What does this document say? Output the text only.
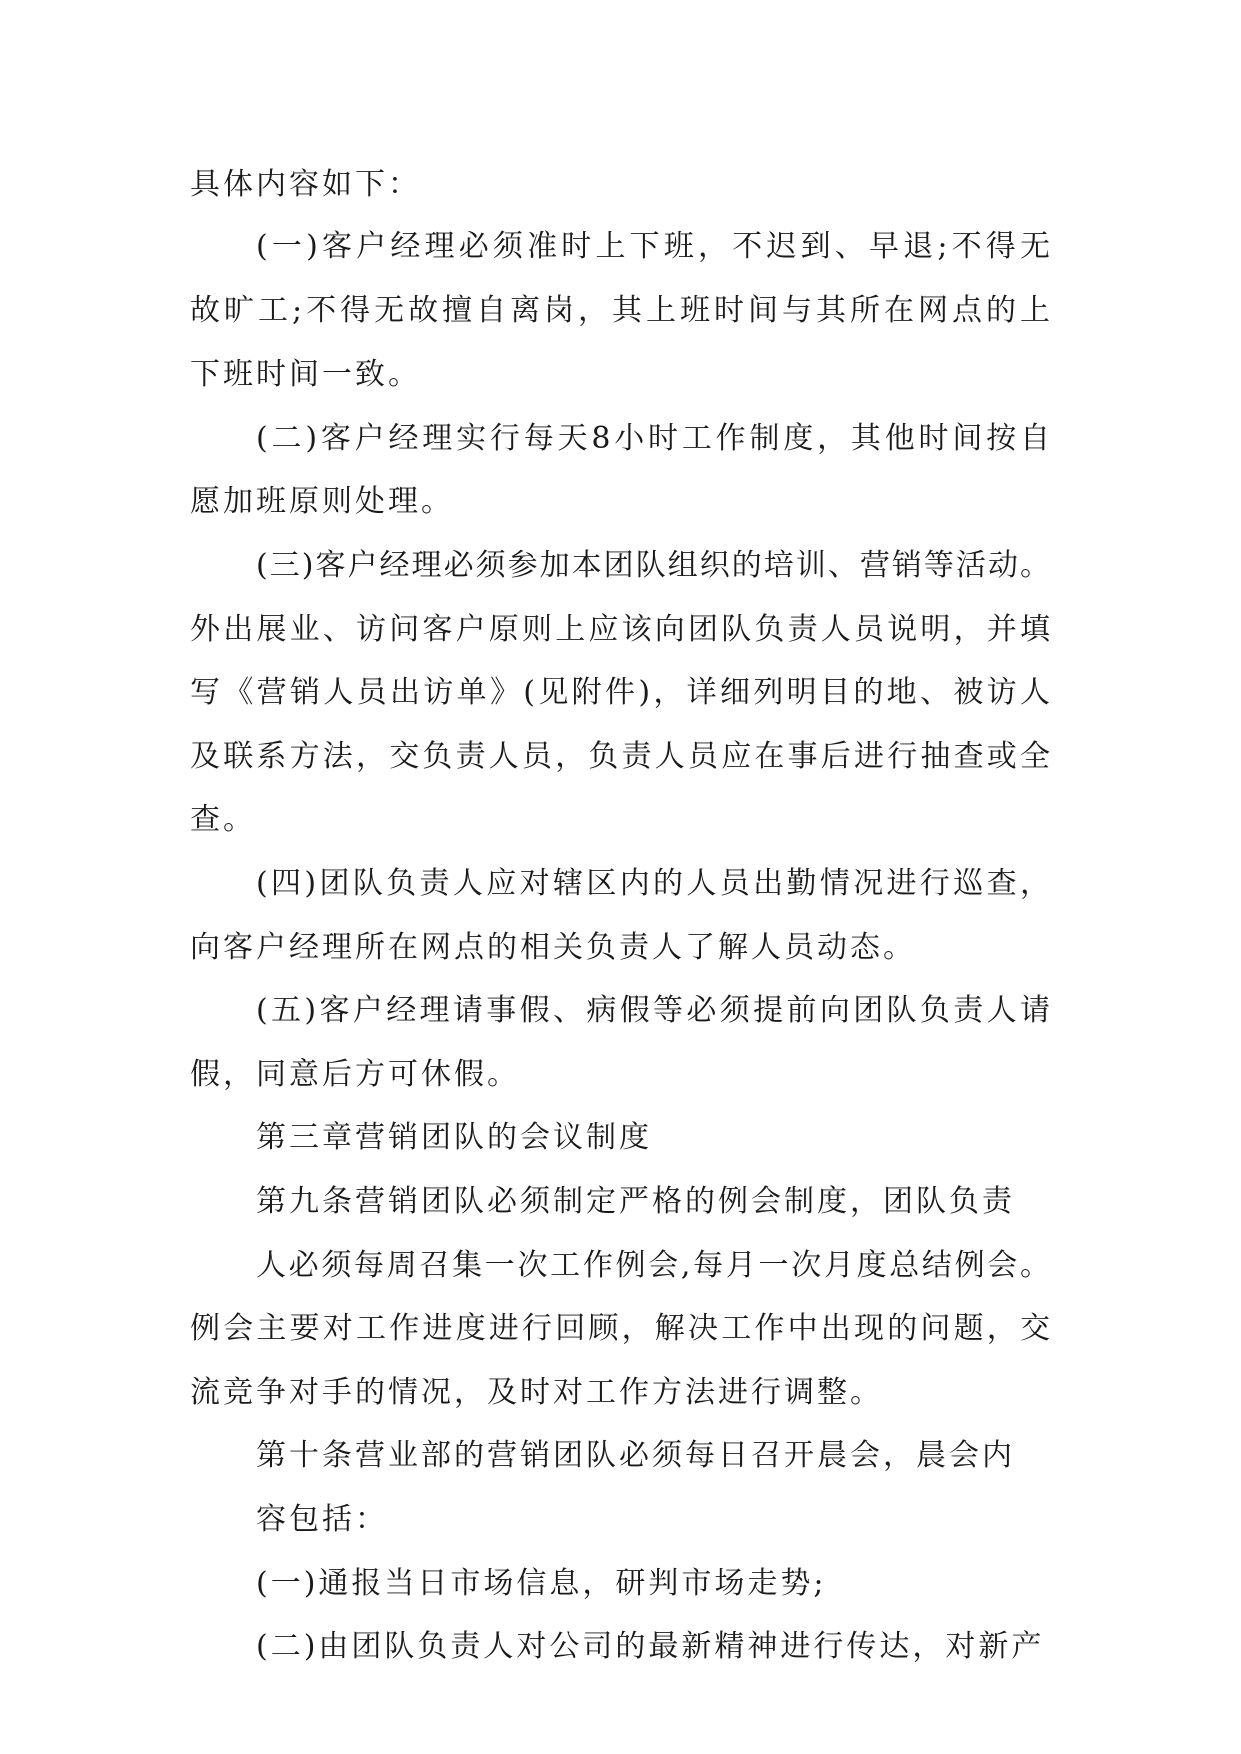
具体内容如下：
(一)客户经理必须准时上下班，不迟到、早退;不得无
故旷工;不得无故擅自离岗，其上班时间与其所在网点的上
下班时间一致。
(二)客户经理实行每天8小时工作制度，其他时间按自
愿加班原则处理。
(三)客户经理必须参加本团队组织的培训、营销等活动。
外出展业、访问客户原则上应该向团队负责人员说明，并填
写《营销人员出访单》(见附件)，详细列明目的地、被访人
及联系方法，交负责人员，负责人员应在事后进行抽查或全
查。
(四)团队负责人应对辖区内的人员出勤情况进行巡查，
向客户经理所在网点的相关负责人了解人员动态。
(五)客户经理请事假、病假等必须提前向团队负责人请
假，同意后方可休假。
第三章营销团队的会议制度
第九条营销团队必须制定严格的例会制度，团队负责
人必须每周召集一次工作例会,每月一次月度总结例会。
例会主要对工作进度进行回顾，解决工作中出现的问题，交
流竞争对手的情况，及时对工作方法进行调整。
第十条营业部的营销团队必须每日召开晨会，晨会内
容包括：
(一)通报当日市场信息，研判市场走势;
(二)由团队负责人对公司的最新精神进行传达，对新产
